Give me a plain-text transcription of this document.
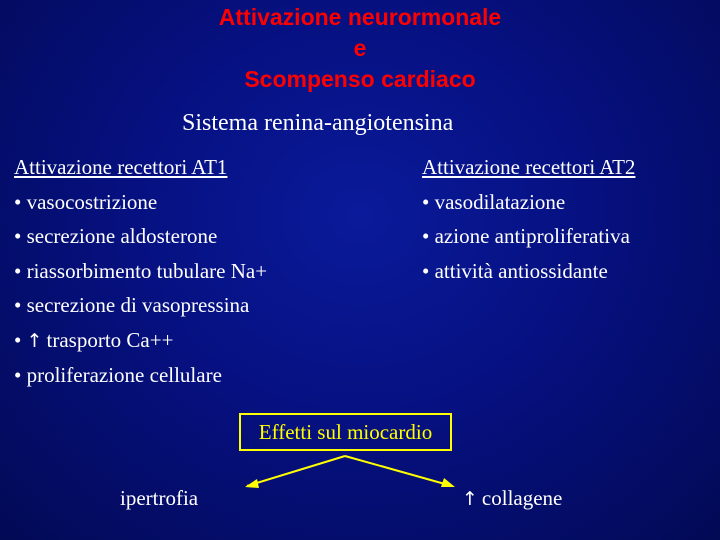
Attivazione neurormonale
e
Scompenso cardiaco
Sistema renina-angiotensina
Attivazione recettori AT1
• vasocostrizione
• secrezione aldosterone
• riassorbimento tubulare Na+
• secrezione di vasopressina
• ↑ trasporto Ca++
• proliferazione cellulare
Attivazione recettori AT2
• vasodilatazione
• azione antiproliferativa
• attività antiossidante
Effetti sul miocardio
ipertrofia	↑ collagene
